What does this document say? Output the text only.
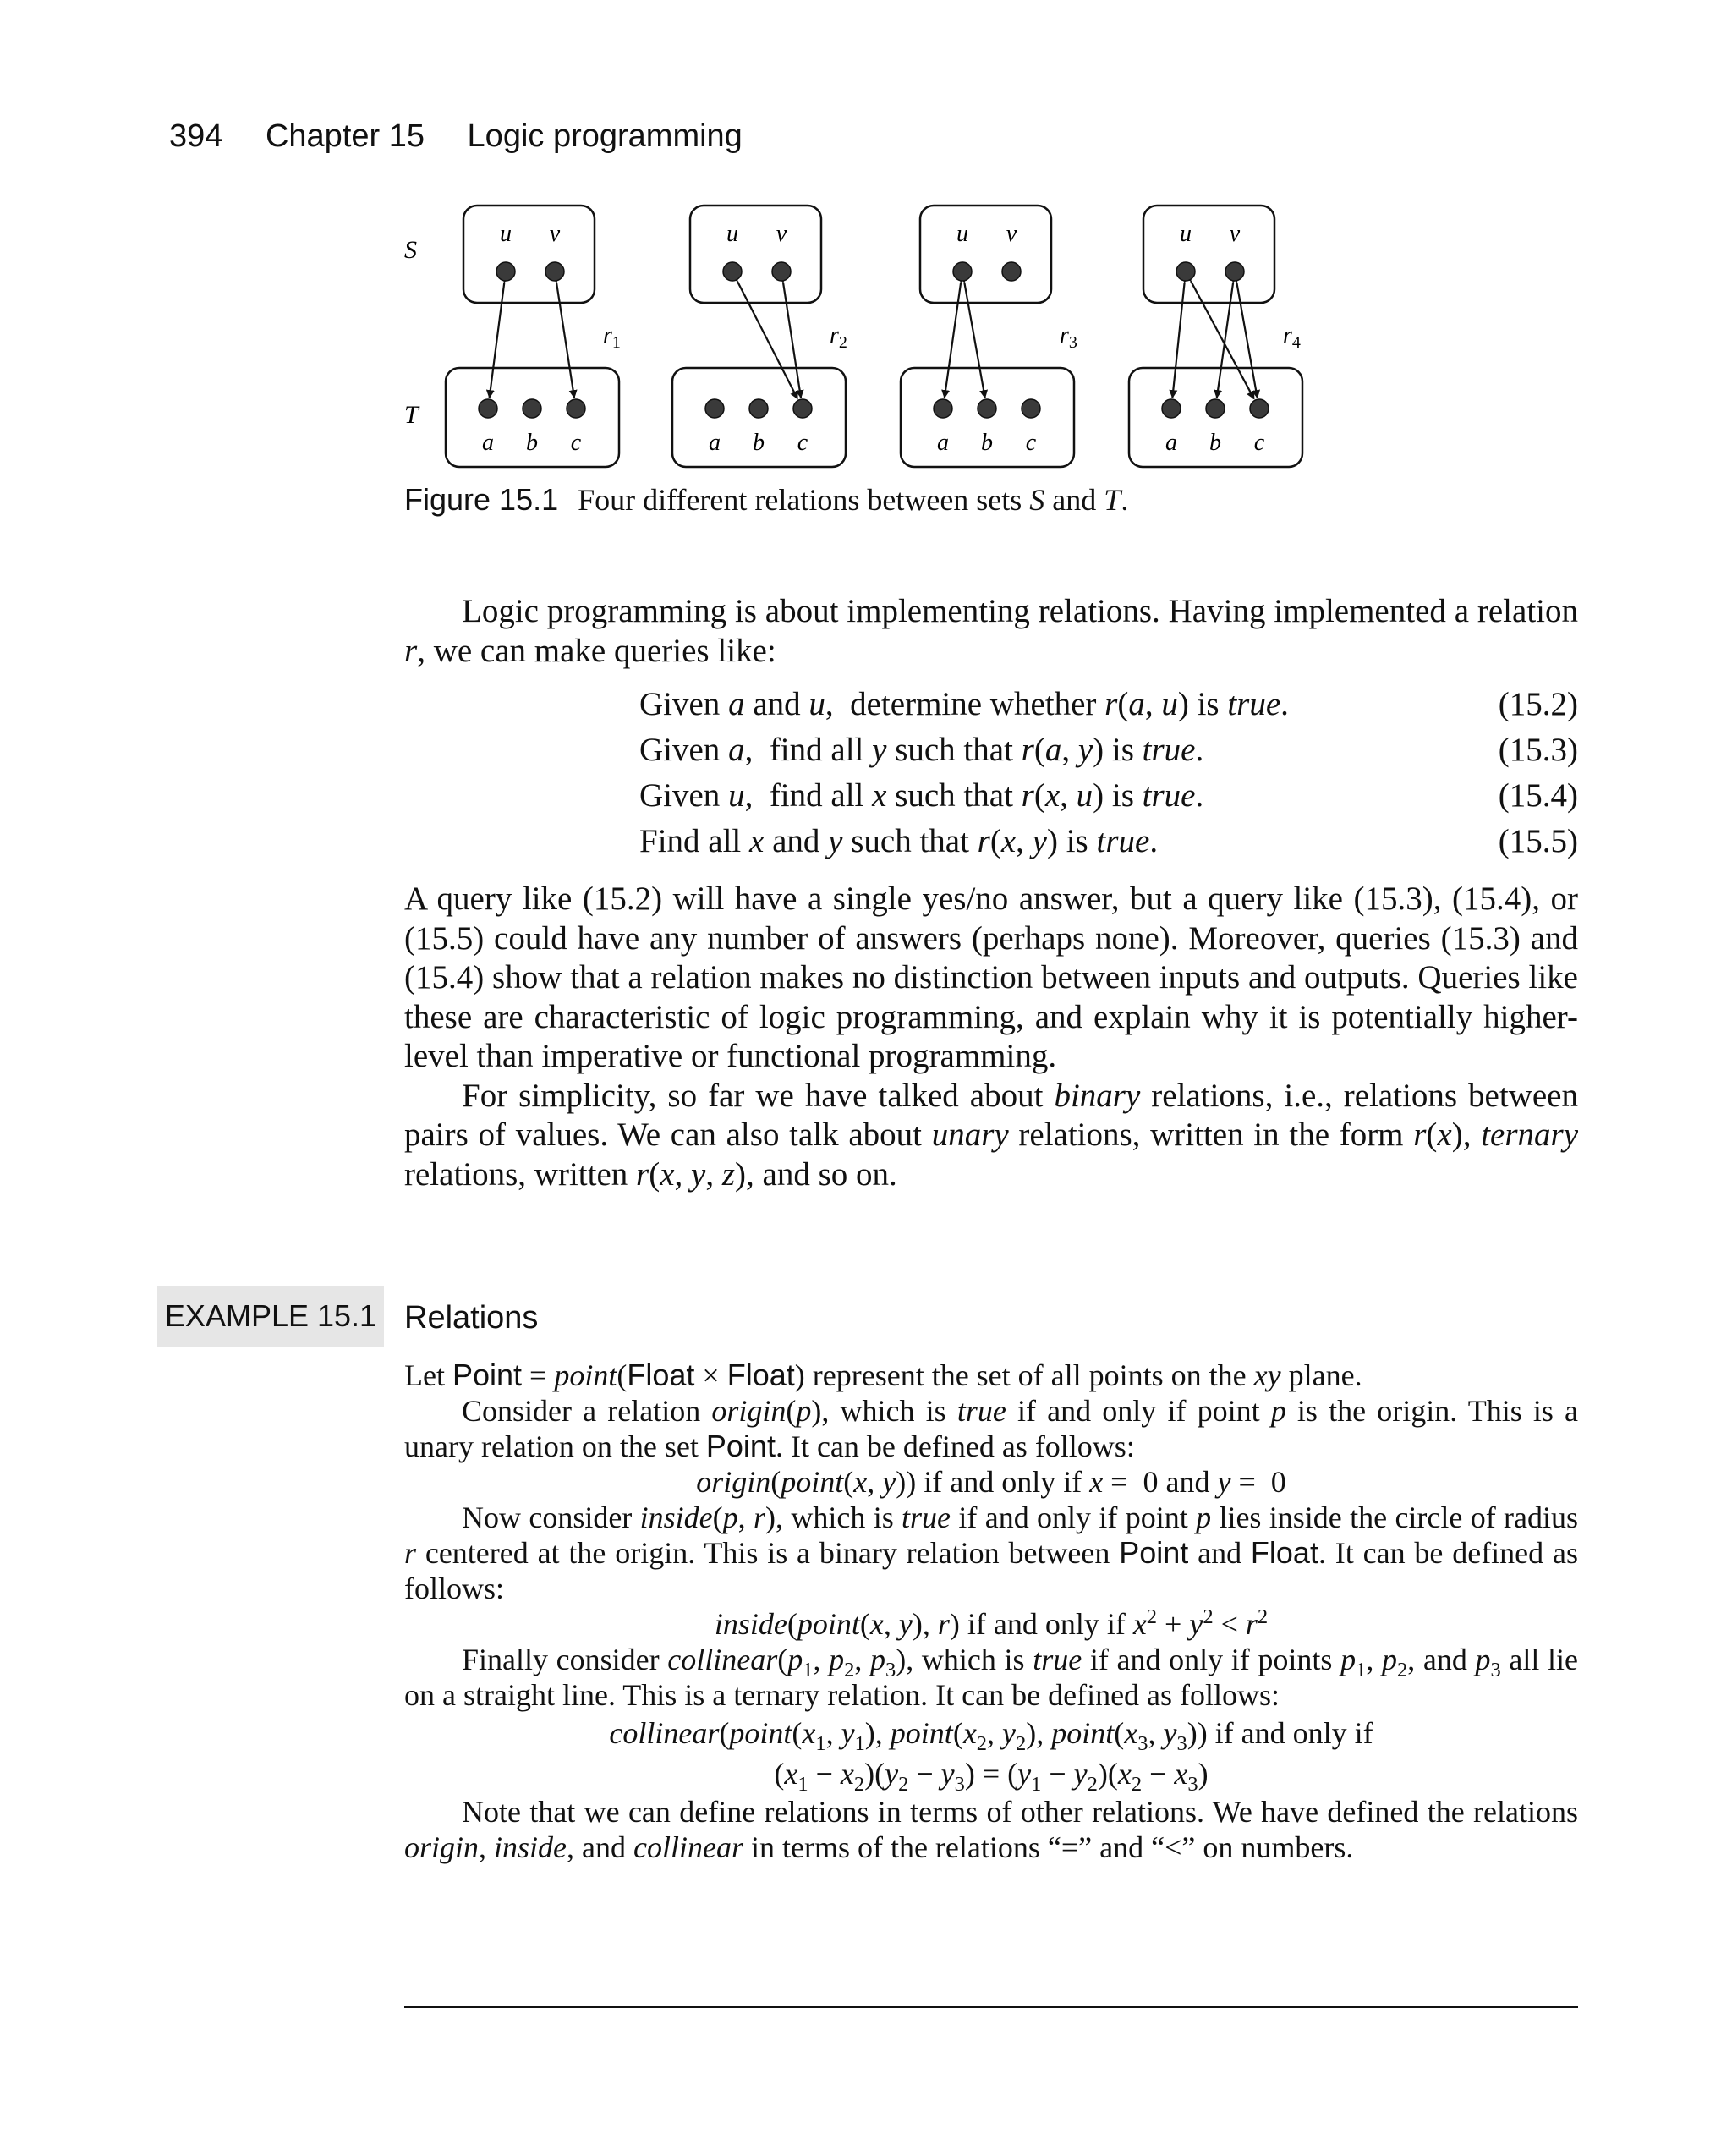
394 Chapter 15 Logic programming
S
T
u v
a b c
$r_1$
u v
a b c
$r_2$
u v
a b c
$r_3$
u v
a b c
$r_4$
Figure 15.1 Four different relations between sets S and T.

Logic programming is about implementing relations. Having implemented a relation r, we can make queries like:

Given a and u,  determine whether r(a, u) is true.	(15.2)
Given a,  find all y such that r(a, y) is true.	(15.3)
Given u,  find all x such that r(x, u) is true.	(15.4)
Find all x and y such that r(x, y) is true.	(15.5)

A query like (15.2) will have a single yes/no answer, but a query like (15.3), (15.4), or (15.5) could have any number of answers (perhaps none). Moreover, queries (15.3) and (15.4) show that a relation makes no distinction between inputs and outputs. Queries like these are characteristic of logic programming, and explain why it is potentially higher-level than imperative or functional programming.

For simplicity, so far we have talked about binary relations, i.e., relations between pairs of values. We can also talk about unary relations, written in the form r(x), ternary relations, written r(x, y, z), and so on.

EXAMPLE 15.1 Relations

Let Point = point(Float × Float) represent the set of all points on the xy plane.

Consider a relation origin(p), which is true if and only if point p is the origin. This is a unary relation on the set Point. It can be defined as follows:

origin(point(x, y)) if and only if x =  0 and y =  0

Now consider inside(p, r), which is true if and only if point p lies inside the circle of radius r centered at the origin. This is a binary relation between Point and Float. It can be defined as follows:

inside(point(x, y), r) if and only if $x^2 + y^2 < r^2$

Finally consider $collinear(p_1$, $p_2$, $p_3$), which is true if and only if points $p_1$, $p_2$, and $p_3$ all lie on a straight line. This is a ternary relation. It can be defined as follows:

$collinear(point(x_1$, $y_1$), $point(x_2$, $y_2$), $point(x_3$, $y_3$)) if and only if
$(x_1 - x_2)(y_2 - y_3) = (y_1 - y_2)(x_2 - x_3)$

Note that we can define relations in terms of other relations. We have defined the relations origin, inside, and collinear in terms of the relations “=” and “<” on numbers.
